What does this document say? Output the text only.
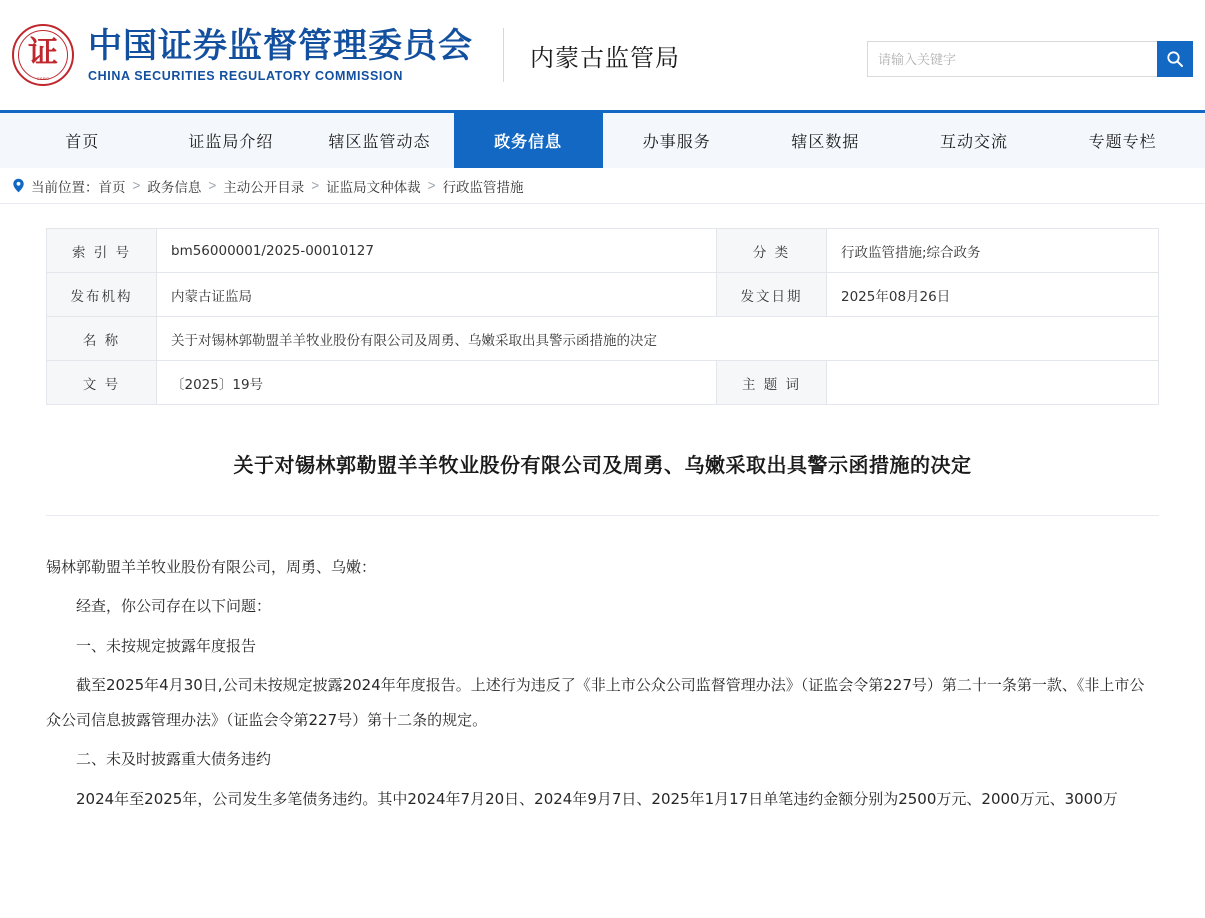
证
CSRC
中国证券监督管理委员会
CHINA SECURITIES REGULATORY COMMISSION
内蒙古监管局
请输入关键字
首页	证监局介绍	辖区监管动态	政务信息	办事服务	辖区数据	互动交流	专题专栏
当前位置： 首页 > 政务信息 > 主动公开目录 > 证监局文种体裁 > 行政监管措施
索 引 号	bm56000001/2025-00010127	分 类	行政监管措施;综合政务
发布机构	内蒙古证监局	发文日期	2025年08月26日
名 称	关于对锡林郭勒盟羊羊牧业股份有限公司及周勇、乌嫩采取出具警示函措施的决定		
文 号	〔2025〕19号	主 题 词	
关于对锡林郭勒盟羊羊牧业股份有限公司及周勇、乌嫩采取出具警示函措施的决定

锡林郭勒盟羊羊牧业股份有限公司，周勇、乌嫩：

经查，你公司存在以下问题：

一、未按规定披露年度报告

截至2025年4月30日,公司未按规定披露2024年年度报告。上述行为违反了《非上市公众公司监督管理办法》（证监会令第227号）第二十一条第一款、《非上市公众公司信息披露管理办法》（证监会令第227号）第十二条的规定。

二、未及时披露重大债务违约

2024年至2025年，公司发生多笔债务违约。其中2024年7月20日、2024年9月7日、2025年1月17日单笔违约金额分别为2500万元、2000万元、3000万
